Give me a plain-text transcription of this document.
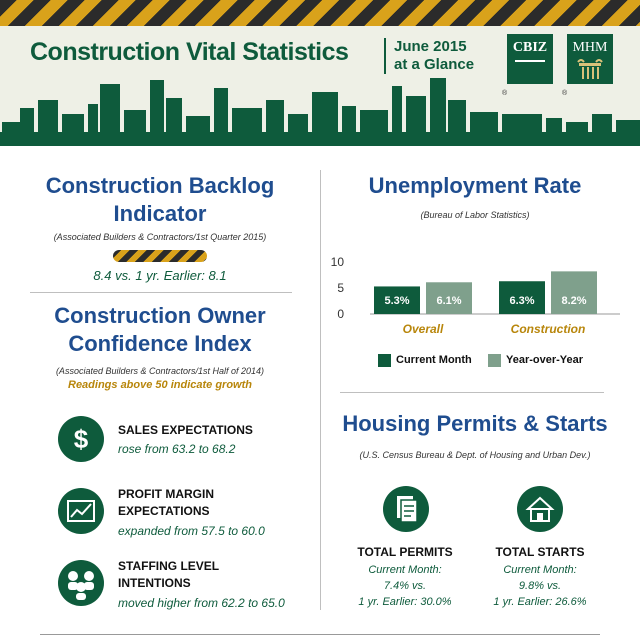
Construction Vital Statistics	June 2015
at a Glance
CBIZ
®
MHM
®
Construction Backlog
Indicator
(Associated Builders & Contractors/1st Quarter 2015)
8.4 vs. 1 yr. Earlier: 8.1
Construction Owner
Confidence Index
(Associated Builders & Contractors/1st Half of 2014)
Readings above 50 indicate growth
$ SALES EXPECTATIONS
rose from 63.2 to 68.2
PROFIT MARGIN
EXPECTATIONS
expanded from 57.5 to 60.0
STAFFING LEVEL
INTENTIONS
moved higher from 62.2 to 65.0
Unemployment Rate
(Bureau of Labor Statistics)
0
5
10
5.3% 6.1%
Overall
6.3% 8.2%
Construction
Current Month	Year-over-Year
Housing Permits & Starts
(U.S. Census Bureau & Dept. of Housing and Urban Dev.)
TOTAL PERMITS
Current Month:
7.4% vs.
1 yr. Earlier: 30.0%
TOTAL STARTS
Current Month:
9.8% vs.
1 yr. Earlier: 26.6%
